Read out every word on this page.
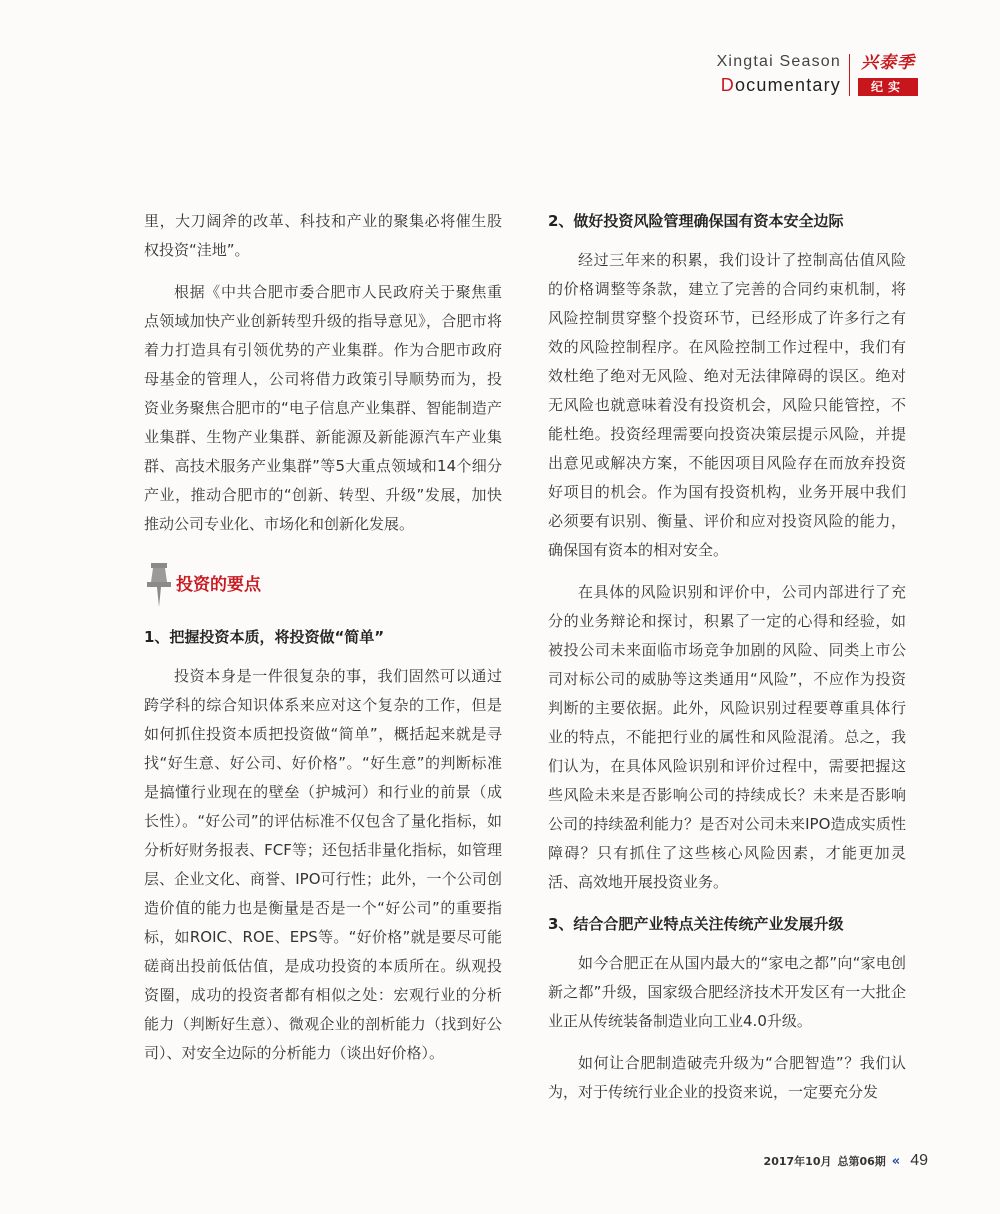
Xingtai Season
Documentary
兴泰季
纪实

里，大刀阔斧的改革、科技和产业的聚集必将催生股权投资“洼地”。

根据《中共合肥市委合肥市人民政府关于聚焦重点领域加快产业创新转型升级的指导意见》，合肥市将着力打造具有引领优势的产业集群。作为合肥市政府母基金的管理人，公司将借力政策引导顺势而为，投资业务聚焦合肥市的“电子信息产业集群、智能制造产业集群、生物产业集群、新能源及新能源汽车产业集群、高技术服务产业集群”等5大重点领域和14个细分产业，推动合肥市的“创新、转型、升级”发展，加快推动公司专业化、市场化和创新化发展。

投资的要点

1、把握投资本质，将投资做“简单”

投资本身是一件很复杂的事，我们固然可以通过跨学科的综合知识体系来应对这个复杂的工作，但是如何抓住投资本质把投资做“简单”，概括起来就是寻找“好生意、好公司、好价格”。“好生意”的判断标准是搞懂行业现在的壁垒（护城河）和行业的前景（成长性）。“好公司”的评估标准不仅包含了量化指标，如分析好财务报表、FCF等；还包括非量化指标，如管理层、企业文化、商誉、IPO可行性；此外，一个公司创造价值的能力也是衡量是否是一个“好公司”的重要指标，如ROIC、ROE、EPS等。“好价格”就是要尽可能磋商出投前低估值，是成功投资的本质所在。纵观投资圈，成功的投资者都有相似之处：宏观行业的分析能力（判断好生意）、微观企业的剖析能力（找到好公司）、对安全边际的分析能力（谈出好价格）。

2、做好投资风险管理确保国有资本安全边际

经过三年来的积累，我们设计了控制高估值风险的价格调整等条款，建立了完善的合同约束机制，将风险控制贯穿整个投资环节，已经形成了许多行之有效的风险控制程序。在风险控制工作过程中，我们有效杜绝了绝对无风险、绝对无法律障碍的误区。绝对无风险也就意味着没有投资机会，风险只能管控，不能杜绝。投资经理需要向投资决策层提示风险，并提出意见或解决方案，不能因项目风险存在而放弃投资好项目的机会。作为国有投资机构，业务开展中我们必须要有识别、衡量、评价和应对投资风险的能力，确保国有资本的相对安全。

在具体的风险识别和评价中，公司内部进行了充分的业务辩论和探讨，积累了一定的心得和经验，如被投公司未来面临市场竞争加剧的风险、同类上市公司对标公司的威胁等这类通用“风险”，不应作为投资判断的主要依据。此外，风险识别过程要尊重具体行业的特点，不能把行业的属性和风险混淆。总之，我们认为，在具体风险识别和评价过程中，需要把握这些风险未来是否影响公司的持续成长？未来是否影响公司的持续盈利能力？是否对公司未来IPO造成实质性障碍？只有抓住了这些核心风险因素，才能更加灵活、高效地开展投资业务。

3、结合合肥产业特点关注传统产业发展升级

如今合肥正在从国内最大的“家电之都”向“家电创新之都”升级，国家级合肥经济技术开发区有一大批企业正从传统装备制造业向工业4.0升级。

如何让合肥制造破壳升级为“合肥智造”？我们认为，对于传统行业企业的投资来说，一定要充分发

2017年10月 总第06期 « 49
